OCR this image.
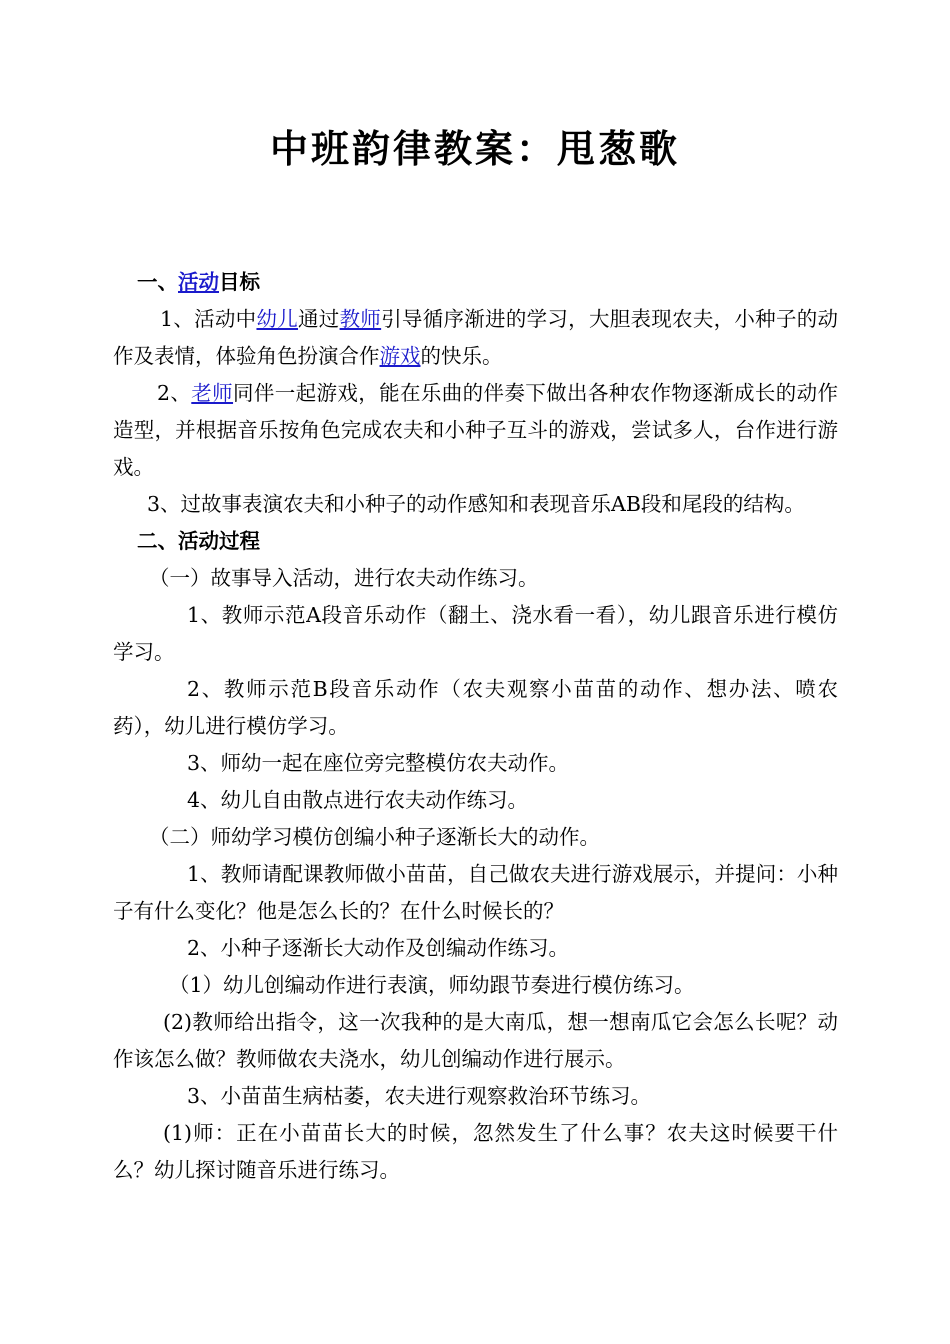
中班韵律教案：甩葱歌

一、活动目标

1、活动中幼儿通过教师引导循序渐进的学习，大胆表现农夫，小种子的动作及表情，体验角色扮演合作游戏的快乐。

2、老师同伴一起游戏，能在乐曲的伴奏下做出各种农作物逐渐成长的动作造型，并根据音乐按角色完成农夫和小种子互斗的游戏，尝试多人，台作进行游戏。

3、过故事表演农夫和小种子的动作感知和表现音乐AB段和尾段的结构。

二、活动过程

（一）故事导入活动，进行农夫动作练习。

1、教师示范A段音乐动作（翻土、浇水看一看），幼儿跟音乐进行模仿学习。

2、教师示范B段音乐动作（农夫观察小苗苗的动作、想办法、喷农药），幼儿进行模仿学习。

3、师幼一起在座位旁完整模仿农夫动作。

4、幼儿自由散点进行农夫动作练习。

（二）师幼学习模仿创编小种子逐渐长大的动作。

1、教师请配课教师做小苗苗，自己做农夫进行游戏展示，并提问：小种子有什么变化？他是怎么长的？在什么时候长的？

2、小种子逐渐长大动作及创编动作练习。

（1）幼儿创编动作进行表演，师幼跟节奏进行模仿练习。

(2)教师给出指令，这一次我种的是大南瓜，想一想南瓜它会怎么长呢？动作该怎么做？教师做农夫浇水，幼儿创编动作进行展示。

3、小苗苗生病枯萎，农夫进行观察救治环节练习。

(1)师：正在小苗苗长大的时候，忽然发生了什么事？农夫这时候要干什么？幼儿探讨随音乐进行练习。
